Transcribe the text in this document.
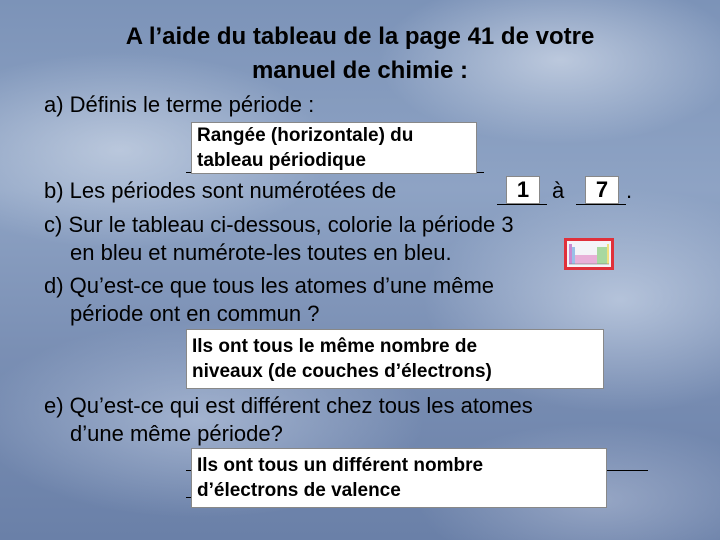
A l’aide du tableau de la page 41 de votre
manuel de chimie :
a) Définis le terme période :
Rangée (horizontale) du
tableau périodique
b) Les périodes sont numérotées de	1	à	7 .
c) Sur le tableau ci-dessous, colorie la période 3
en bleu et numérote-les toutes en bleu.
d) Qu’est-ce que tous les atomes d’une même
période ont en commun ?
Ils ont tous le même nombre de
niveaux (de couches d’électrons)
e) Qu’est-ce qui est différent chez tous les atomes
d’une même période?
Ils ont tous un différent nombre
d’électrons de valence
